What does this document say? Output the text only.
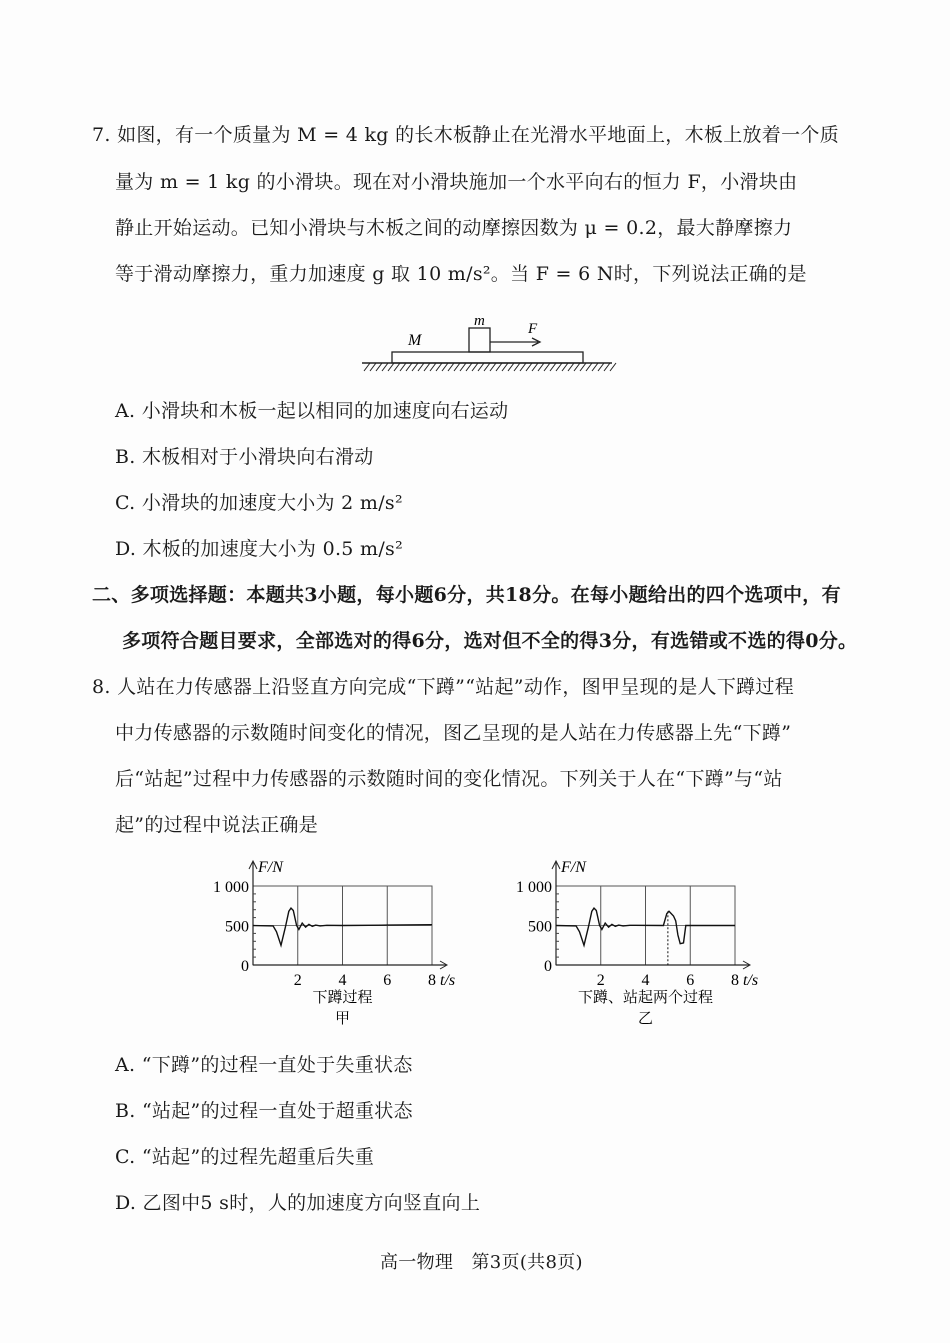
7. 如图，有一个质量为 M = 4 kg 的长木板静止在光滑水平地面上，木板上放着一个质
量为 m = 1 kg 的小滑块。现在对小滑块施加一个水平向右的恒力 F，小滑块由
静止开始运动。已知小滑块与木板之间的动摩擦因数为 μ = 0.2，最大静摩擦力
等于滑动摩擦力，重力加速度 g 取 10 m/s²。当 F = 6 N时，下列说法正确的是
M
m	F
A. 小滑块和木板一起以相同的加速度向右运动
B. 木板相对于小滑块向右滑动
C. 小滑块的加速度大小为 2 m/s²
D. 木板的加速度大小为 0.5 m/s²
二、多项选择题：本题共3小题，每小题6分，共18分。在每小题给出的四个选项中，有
多项符合题目要求，全部选对的得6分，选对但不全的得3分，有选错或不选的得0分。
8. 人站在力传感器上沿竖直方向完成“下蹲”“站起”动作，图甲呈现的是人下蹲过程
中力传感器的示数随时间变化的情况，图乙呈现的是人站在力传感器上先“下蹲”
后“站起”过程中力传感器的示数随时间的变化情况。下列关于人在“下蹲”与“站
起”的过程中说法正确是
F/N
t/s
2 4 6 8
0
500
1 000
下蹲过程
甲
F/N
t/s
2 4 6 8
0
500
1 000
下蹲、站起两个过程
乙
A. “下蹲”的过程一直处于失重状态
B. “站起”的过程一直处于超重状态
C. “站起”的过程先超重后失重
D. 乙图中5 s时，人的加速度方向竖直向上
高一物理　第3页(共8页)
